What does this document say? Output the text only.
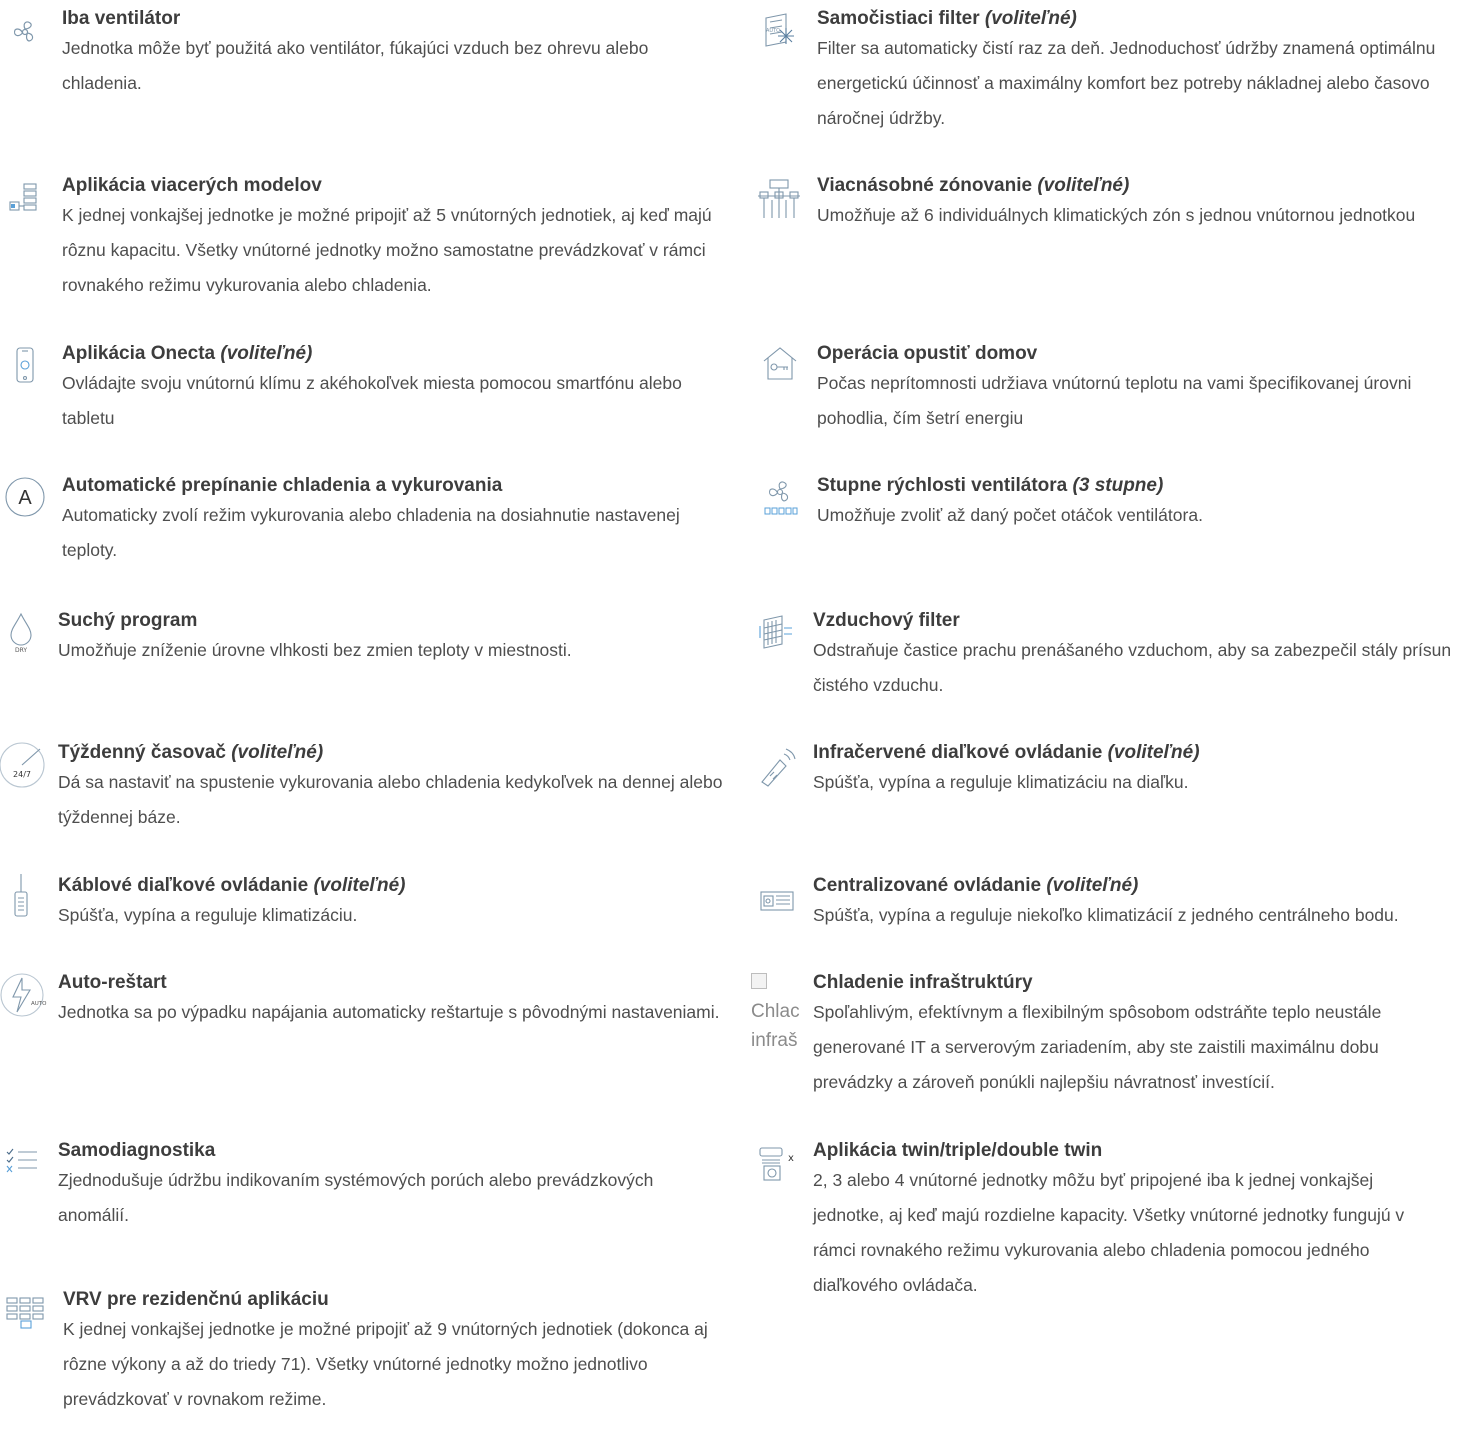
Iba ventilátor
Jednotka môže byť použitá ako ventilátor, fúkajúci vzduch bez ohrevu alebo chladenia.
AUTO
Samočistiaci filter (voliteľné)
Filter sa automaticky čistí raz za deň. Jednoduchosť údržby znamená optimálnu energetickú účinnosť a maximálny komfort bez potreby nákladnej alebo časovo náročnej údržby.
Aplikácia viacerých modelov
K jednej vonkajšej jednotke je možné pripojiť až 5 vnútorných jednotiek, aj keď majú rôznu kapacitu. Všetky vnútorné jednotky možno samostatne prevádzkovať v rámci rovnakého režimu vykurovania alebo chladenia.
Viacnásobné zónovanie (voliteľné)
Umožňuje až 6 individuálnych klimatických zón s jednou vnútornou jednotkou
Aplikácia Onecta (voliteľné)
Ovládajte svoju vnútornú klímu z akéhokoľvek miesta pomocou smartfónu alebo tabletu
Operácia opustiť domov
Počas neprítomnosti udržiava vnútornú teplotu na vami špecifikovanej úrovni pohodlia, čím šetrí energiu
A
Automatické prepínanie chladenia a vykurovania
Automaticky zvolí režim vykurovania alebo chladenia na dosiahnutie nastavenej teploty.
Stupne rýchlosti ventilátora (3 stupne)
Umožňuje zvoliť až daný počet otáčok ventilátora.
DRY
Suchý program
Umožňuje zníženie úrovne vlhkosti bez zmien teploty v miestnosti.
Vzduchový filter
Odstraňuje častice prachu prenášaného vzduchom, aby sa zabezpečil stály prísun čistého vzduchu.
24/7
Týždenný časovač (voliteľné)
Dá sa nastaviť na spustenie vykurovania alebo chladenia kedykoľvek na dennej alebo týždennej báze.
Infračervené diaľkové ovládanie (voliteľné)
Spúšťa, vypína a reguluje klimatizáciu na diaľku.
Káblové diaľkové ovládanie (voliteľné)
Spúšťa, vypína a reguluje klimatizáciu.
Centralizované ovládanie (voliteľné)
Spúšťa, vypína a reguluje niekoľko klimatizácií z jedného centrálneho bodu.
AUTO
Auto-reštart
Jednotka sa po výpadku napájania automaticky reštartuje s pôvodnými nastaveniami. Chlac
infrаš
Chladenie infraštruktúry
Spoľahlivým, efektívnym a flexibilným spôsobom odstráňte teplo neustále generované IT a serverovým zariadením, aby ste zaistili maximálnu dobu prevádzky a zároveň ponúkli najlepšiu návratnosť investícií.
Samodiagnostika
Zjednodušuje údržbu indikovaním systémových porúch alebo prevádzkových anomálií.
x Aplikácia twin/triple/double twin
2, 3 alebo 4 vnútorné jednotky môžu byť pripojené iba k jednej vonkajšej jednotke, aj keď majú rozdielne kapacity. Všetky vnútorné jednotky fungujú v rámci rovnakého režimu vykurovania alebo chladenia pomocou jedného diaľkového ovládača.
VRV pre rezidenčnú aplikáciu
K jednej vonkajšej jednotke je možné pripojiť až 9 vnútorných jednotiek (dokonca aj rôzne výkony a až do triedy 71). Všetky vnútorné jednotky možno jednotlivo prevádzkovať v rovnakom režime.
